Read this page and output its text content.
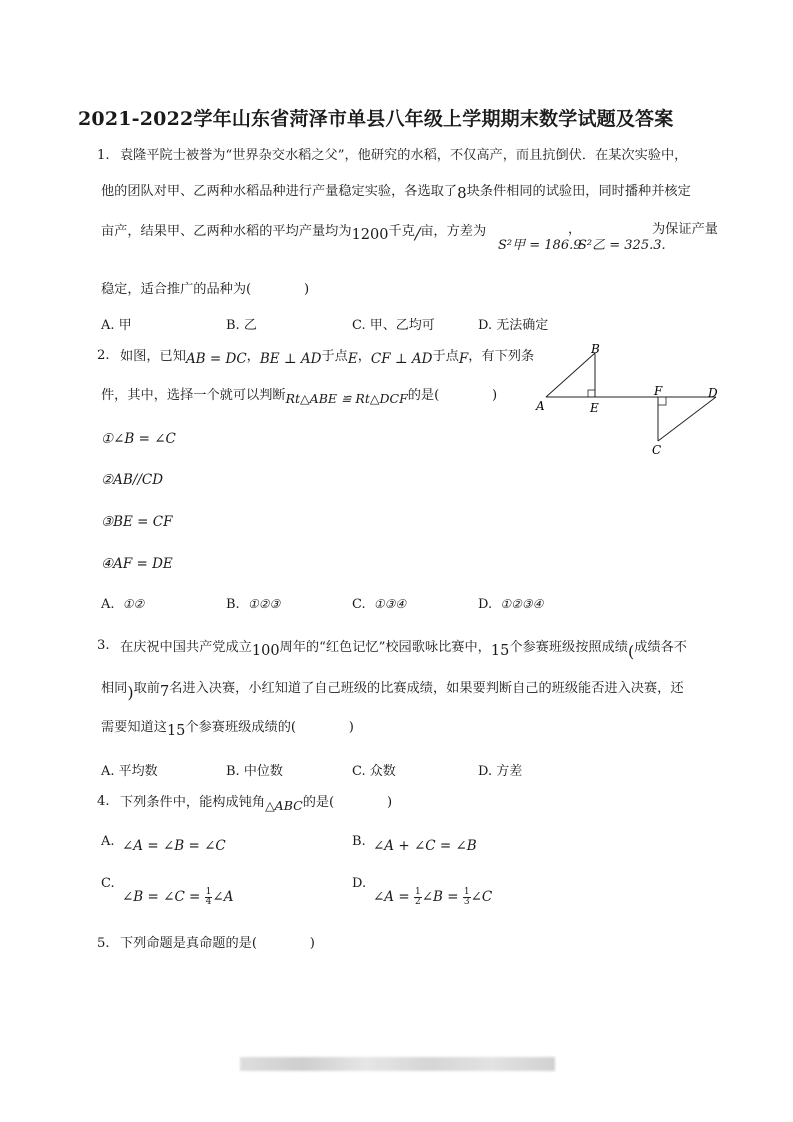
2021-2022学年山东省菏泽市单县八年级上学期期末数学试题及答案
1. 袁隆平院士被誉为“世界杂交水稻之父”，他研究的水稻，不仅高产，而且抗倒伏．在某次实验中，
他的团队对甲、乙两种水稻品种进行产量稳定实验，各选取了8块条件相同的试验田，同时播种并核定
亩产，结果甲、乙两种水稻的平均产量均为1200千克/亩，方差为
S²甲 = 186.9
，
S²乙 = 325.3.
为保证产量
稳定，适合推广的品种为(　　　　)
A. 甲	B. 乙	C. 甲、乙均可	D. 无法确定
2. 如图，已知AB = DC，BE ⊥ AD于点E，CF ⊥ AD于点F，有下列条
件，其中，选择一个就可以判断Rt△ABE ≌ Rt△DCF的是(　　　　)
B
A	E
F	D
C
①∠B = ∠C
②AB//CD
③BE = CF
④AF = DE
A. ①②	B. ①②③	C. ①③④	D. ①②③④
3. 在庆祝中国共产党成立100周年的“红色记忆”校园歌咏比赛中，15个参赛班级按照成绩(成绩各不
相同)取前7名进入决赛，小红知道了自己班级的比赛成绩，如果要判断自己的班级能否进入决赛，还
需要知道这15个参赛班级成绩的(　　　　)
A. 平均数	B. 中位数	C. 众数	D. 方差
4. 下列条件中，能构成钝角△ABC的是(　　　　)
A. ∠A = ∠B = ∠C	B. ∠A + ∠C = ∠B
C.
∠B = ∠C = $\frac{1}{4}$ ∠A
D.
∠A = $\frac{1}{2}$ ∠B = $\frac{1}{3}$ ∠C
5. 下列命题是真命题的是(　　　　)
